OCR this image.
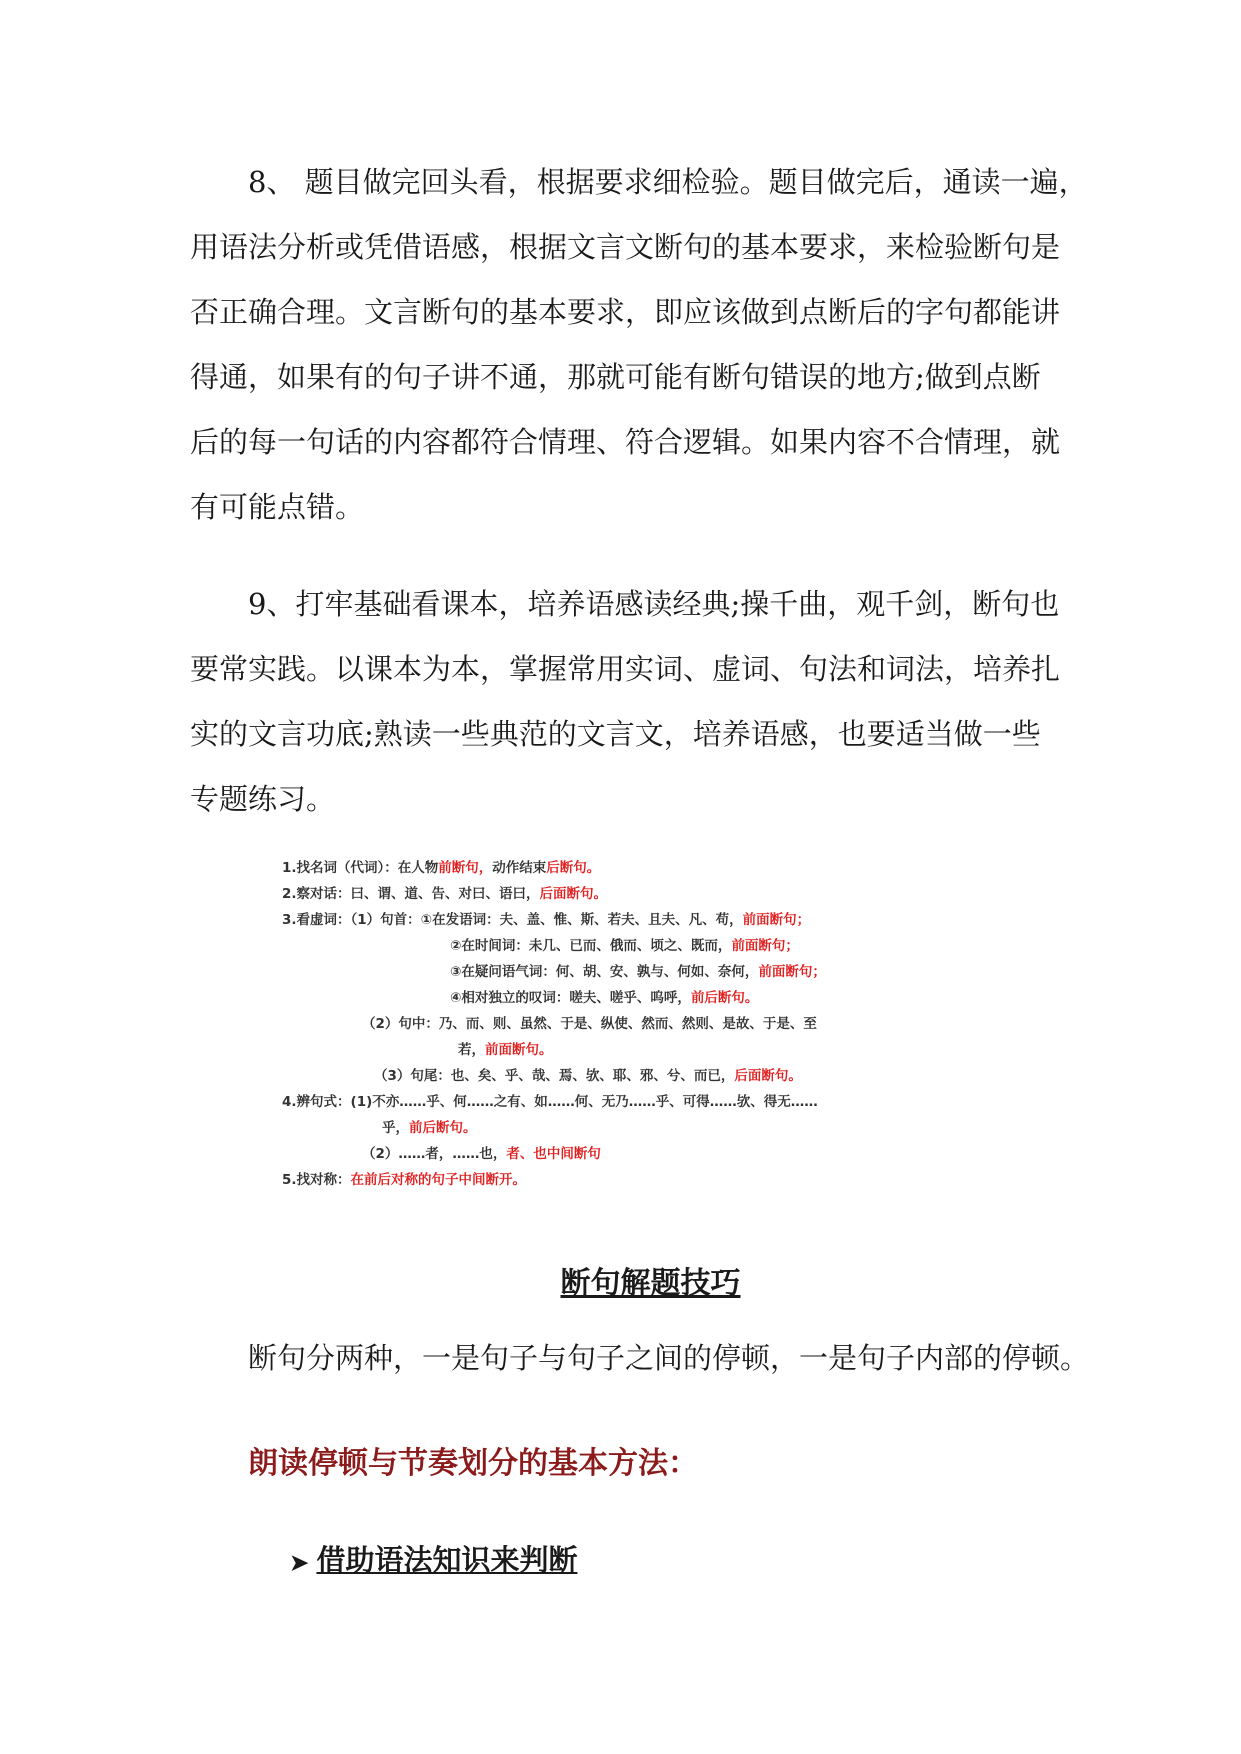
8、 题目做完回头看，根据要求细检验。题目做完后，通读一遍，
用语法分析或凭借语感，根据文言文断句的基本要求，来检验断句是
否正确合理。文言断句的基本要求，即应该做到点断后的字句都能讲
得通，如果有的句子讲不通，那就可能有断句错误的地方;做到点断
后的每一句话的内容都符合情理、符合逻辑。如果内容不合情理，就
有可能点错。
9、打牢基础看课本，培养语感读经典;操千曲，观千剑，断句也
要常实践。以课本为本，掌握常用实词、虚词、句法和词法，培养扎
实的文言功底;熟读一些典范的文言文，培养语感，也要适当做一些
专题练习。
1.找名词（代词）：在人物前断句，动作结束后断句。
2.察对话：曰、谓、道、告、对曰、语曰，后面断句。
3.看虚词：（1）句首：①在发语词：夫、盖、惟、斯、若夫、且夫、凡、苟，前面断句；
②在时间词：未几、已而、俄而、顷之、既而，前面断句；
③在疑问语气词：何、胡、安、孰与、何如、奈何，前面断句；
④相对独立的叹词：嗟夫、嗟乎、呜呼，前后断句。
（2）句中：乃、而、则、虽然、于是、纵使、然而、然则、是故、于是、至
若，前面断句。
（3）句尾：也、矣、乎、哉、焉、欤、耶、邪、兮、而已，后面断句。
4.辨句式：(1)不亦……乎、何……之有、如……何、无乃……乎、可得……欤、得无……
乎，前后断句。
（2）……者，……也，者、也中间断句
5.找对称：在前后对称的句子中间断开。
断句解题技巧

断句分两种，一是句子与句子之间的停顿，一是句子内部的停顿。

朗读停顿与节奏划分的基本方法：
➤ 借助语法知识来判断
